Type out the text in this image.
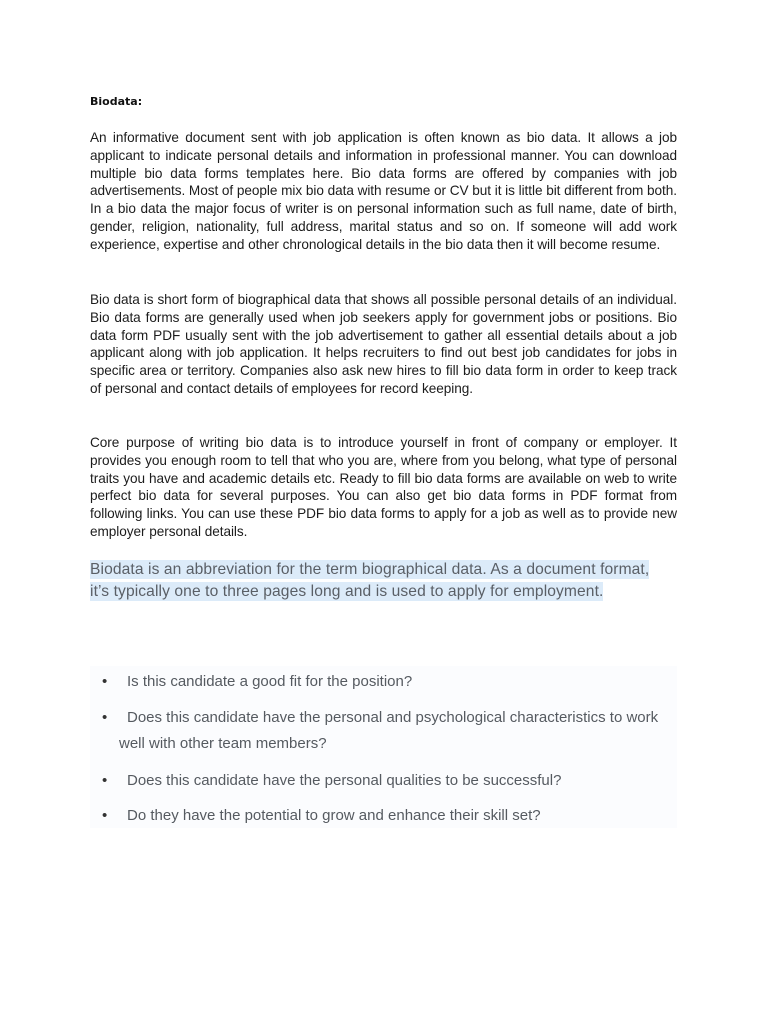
Biodata:

An informative document sent with job application is often known as bio data. It allows a job applicant to indicate personal details and information in professional manner. You can download multiple bio data forms templates here. Bio data forms are offered by companies with job advertisements. Most of people mix bio data with resume or CV but it is little bit different from both. In a bio data the major focus of writer is on personal information such as full name, date of birth, gender, religion, nationality, full address, marital status and so on. If someone will add work experience, expertise and other chronological details in the bio data then it will become resume.

Bio data is short form of biographical data that shows all possible personal details of an individual. Bio data forms are generally used when job seekers apply for government jobs or positions. Bio data form PDF usually sent with the job advertisement to gather all essential details about a job applicant along with job application. It helps recruiters to find out best job candidates for jobs in specific area or territory. Companies also ask new hires to fill bio data form in order to keep track of personal and contact details of employees for record keeping.

Core purpose of writing bio data is to introduce yourself in front of company or employer. It provides you enough room to tell that who you are, where from you belong, what type of personal traits you have and academic details etc. Ready to fill bio data forms are available on web to write perfect bio data for several purposes. You can also get bio data forms in PDF format from following links. You can use these PDF bio data forms to apply for a job as well as to provide new employer personal details.

Biodata is an abbreviation for the term biographical data. As a document format, it’s typically one to three pages long and is used to apply for employment.
•	Is this candidate a good fit for the position?
•	Does this candidate have the personal and psychological characteristics to work well with other team members?
•	Does this candidate have the personal qualities to be successful?
•	Do they have the potential to grow and enhance their skill set?
